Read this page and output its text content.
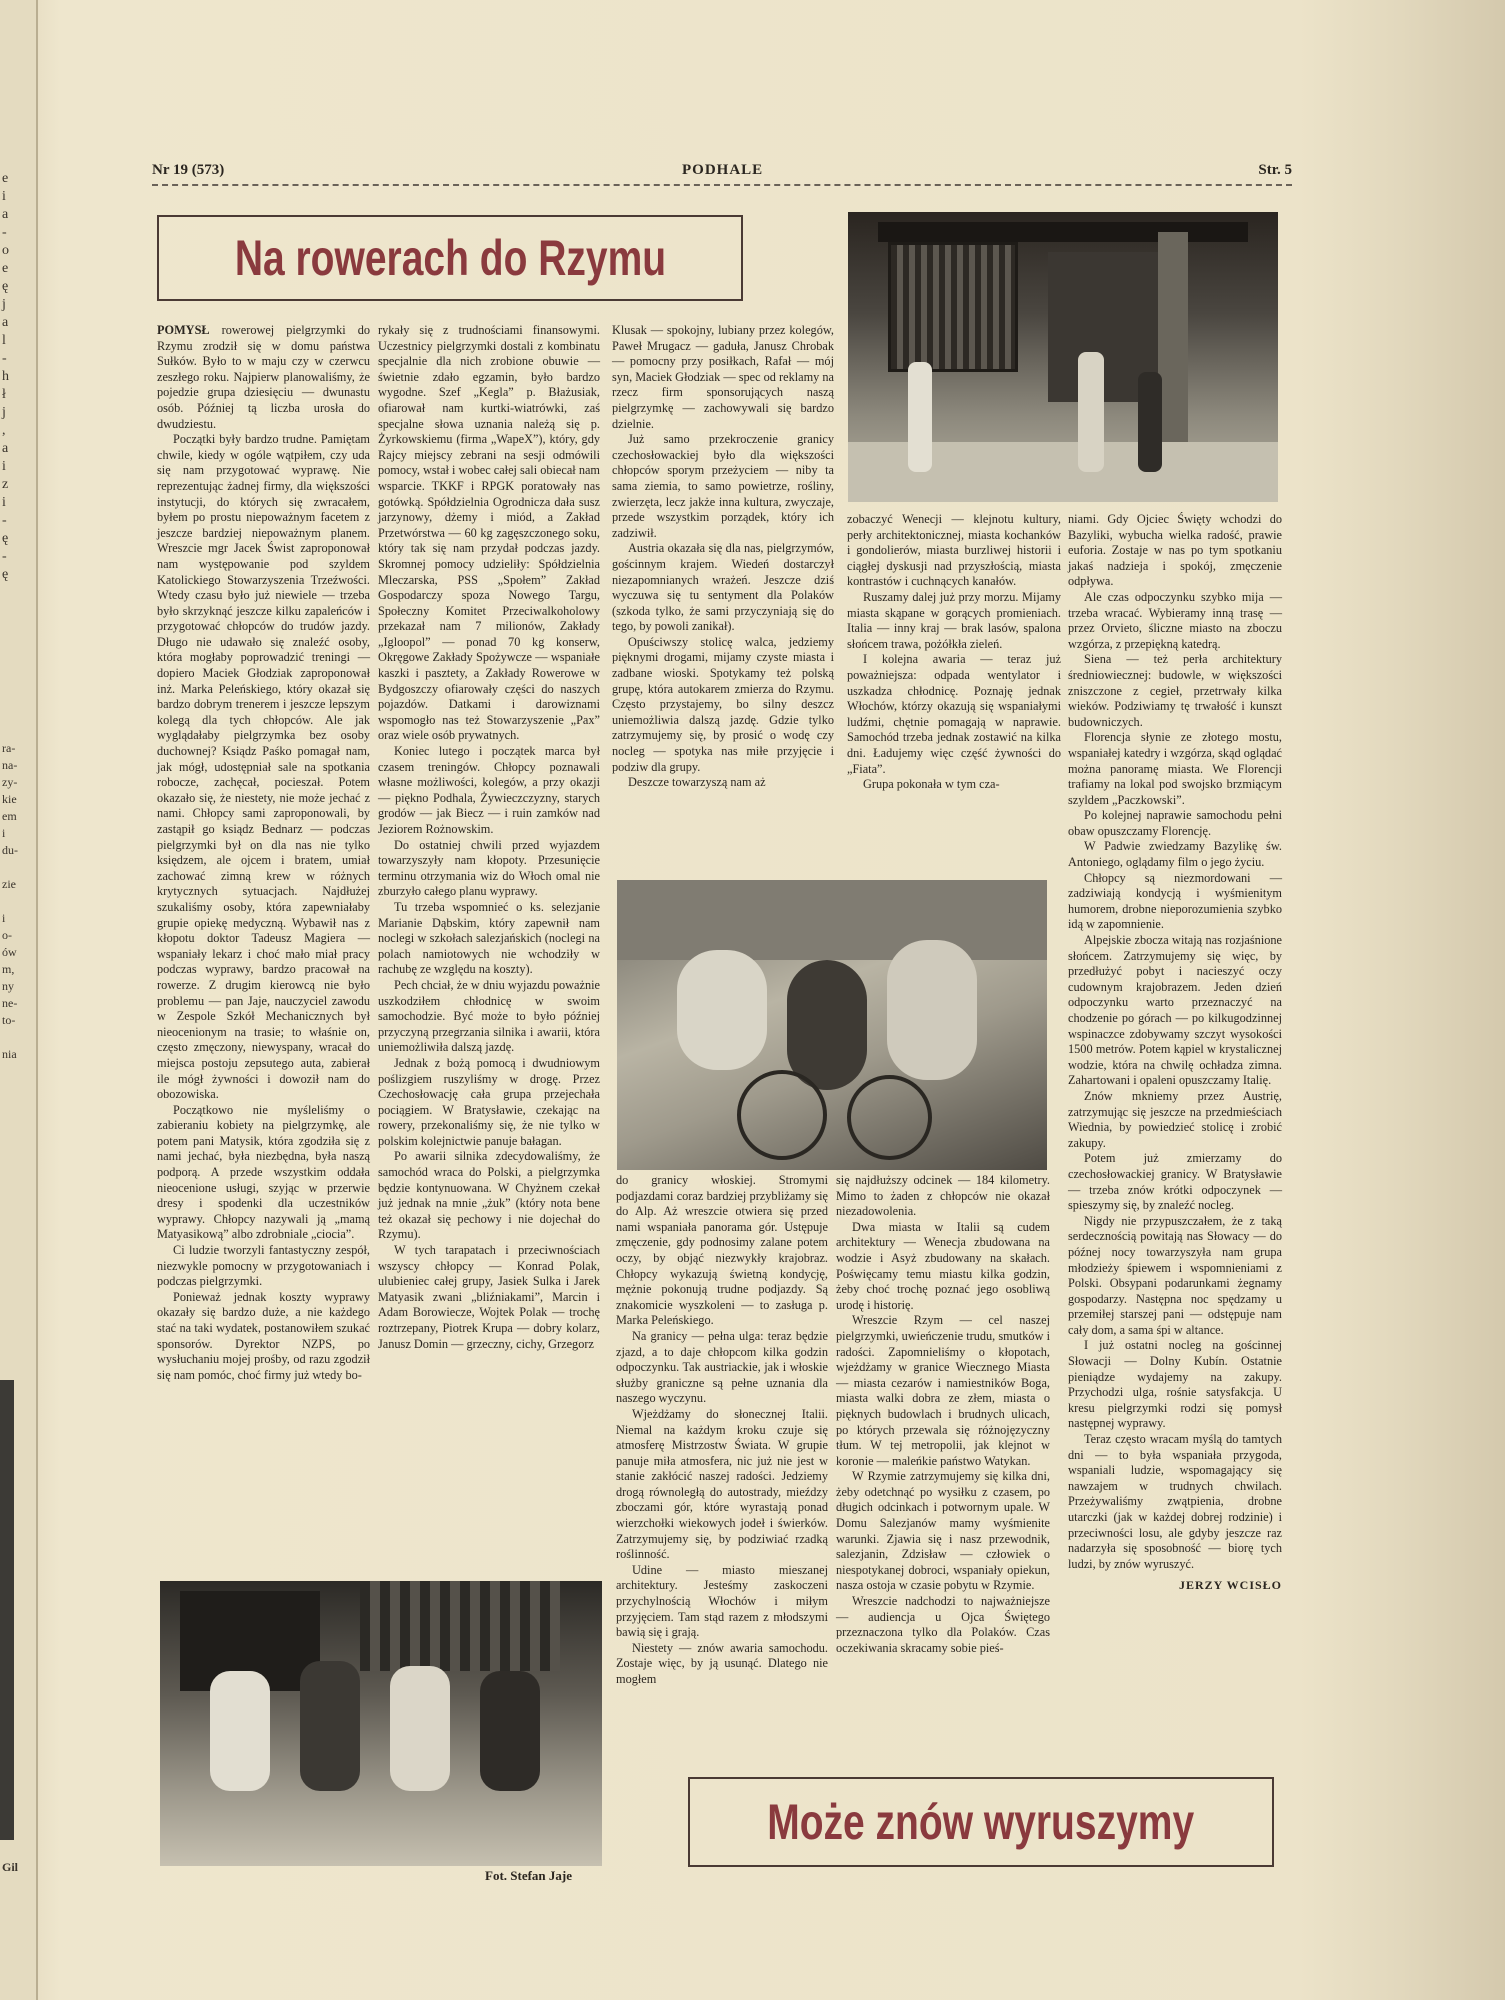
e
i
a
-
o
e
ę
j
a
l
-
h
ł
j
,
a
i
z
i
-
ę
-
ę
ra-
na-
zy-
kie
em
i
du-

zie

i
o-
ów
m,
ny
ne-
to-

nia
Gil
Nr 19 (573)	PODHALE	Str. 5
Na rowerach do Rzymu
Fot. Stefan Jaje

POMYSŁ rowerowej pielgrzymki do Rzymu zrodził się w domu państwa Sułków. Było to w maju czy w czerwcu zeszłego roku. Najpierw planowaliśmy, że pojedzie grupa dziesięciu — dwunastu osób. Później tą liczba urosła do dwudziestu.

Początki były bardzo trudne. Pamiętam chwile, kiedy w ogóle wątpiłem, czy uda się nam przygotować wyprawę. Nie reprezentując żadnej firmy, dla większości instytucji, do których się zwracałem, byłem po prostu niepoważnym facetem z jeszcze bardziej niepoważnym planem. Wreszcie mgr Jacek Świst zaproponował nam występowanie pod szyldem Katolickiego Stowarzyszenia Trzeźwości. Wtedy czasu było już niewiele — trzeba było skrzyknąć jeszcze kilku zapaleńców i przygotować chłopców do trudów jazdy. Długo nie udawało się znaleźć osoby, która mogłaby poprowadzić treningi — dopiero Maciek Głodziak zaproponował inż. Marka Peleńskiego, który okazał się bardzo dobrym trenerem i jeszcze lepszym kolegą dla tych chłopców. Ale jak wyglądałaby pielgrzymka bez osoby duchownej? Ksiądz Paśko pomagał nam, jak mógł, udostępniał sale na spotkania robocze, zachęcał, pocieszał. Potem okazało się, że niestety, nie może jechać z nami. Chłopcy sami zaproponowali, by zastąpił go ksiądz Bednarz — podczas pielgrzymki był on dla nas nie tylko księdzem, ale ojcem i bratem, umiał zachować zimną krew w różnych krytycznych sytuacjach. Najdłużej szukaliśmy osoby, która zapewniałaby grupie opiekę medyczną. Wybawił nas z kłopotu doktor Tadeusz Magiera — wspaniały lekarz i choć mało miał pracy podczas wyprawy, bardzo pracował na rowerze. Z drugim kierowcą nie było problemu — pan Jaje, nauczyciel zawodu w Zespole Szkół Mechanicznych był nieocenionym na trasie; to właśnie on, często zmęczony, niewyspany, wracał do miejsca postoju zepsutego auta, zabierał ile mógł żywności i dowoził nam do obozowiska.

Początkowo nie myśleliśmy o zabieraniu kobiety na pielgrzymkę, ale potem pani Matysik, która zgodziła się z nami jechać, była niezbędna, była naszą podporą. A przede wszystkim oddała nieocenione usługi, szyjąc w przerwie dresy i spodenki dla uczestników wyprawy. Chłopcy nazywali ją „mamą Matyasikową” albo zdrobniale „ciocia”.

Ci ludzie tworzyli fantastyczny zespół, niezwykle pomocny w przygotowaniach i podczas pielgrzymki.

Ponieważ jednak koszty wyprawy okazały się bardzo duże, a nie każdego stać na taki wydatek, postanowiłem szukać sponsorów. Dyrektor NZPS, po wysłuchaniu mojej prośby, od razu zgodził się nam pomóc, choć firmy już wtedy bo-

rykały się z trudnościami finansowymi. Uczestnicy pielgrzymki dostali z kombinatu specjalnie dla nich zrobione obuwie — świetnie zdało egzamin, było bardzo wygodne. Szef „Kegla” p. Błażusiak, ofiarował nam kurtki-wiatrówki, zaś specjalne słowa uznania należą się p. Żyrkowskiemu (firma „WapeX”), który, gdy Rajcy miejscy zebrani na sesji odmówili pomocy, wstał i wobec całej sali obiecał nam wsparcie. TKKF i RPGK poratowały nas gotówką. Spółdzielnia Ogrodnicza dała susz jarzynowy, dżemy i miód, a Zakład Przetwórstwa — 60 kg zagęszczonego soku, który tak się nam przydał podczas jazdy. Skromnej pomocy udzieliły: Spółdzielnia Mleczarska, PSS „Społem” Zakład Gospodarczy spoza Nowego Targu, Społeczny Komitet Przeciwalkoholowy przekazał nam 7 milionów, Zakłady „Igloopol” — ponad 70 kg konserw, Okręgowe Zakłady Spożywcze — wspaniałe kaszki i pasztety, a Zakłady Rowerowe w Bydgoszczy ofiarowały części do naszych pojazdów. Datkami i darowiznami wspomogło nas też Stowarzyszenie „Pax” oraz wiele osób prywatnych.

Koniec lutego i początek marca był czasem treningów. Chłopcy poznawali własne możliwości, kolegów, a przy okazji — piękno Podhala, Żywieczczyzny, starych grodów — jak Biecz — i ruin zamków nad Jeziorem Rożnowskim.

Do ostatniej chwili przed wyjazdem towarzyszyły nam kłopoty. Przesunięcie terminu otrzymania wiz do Włoch omal nie zburzyło całego planu wyprawy.

Tu trzeba wspomnieć o ks. selezjanie Marianie Dąbskim, który zapewnił nam noclegi w szkołach salezjańskich (noclegi na polach namiotowych nie wchodziły w rachubę ze względu na koszty).

Pech chciał, że w dniu wyjazdu poważnie uszkodziłem chłodnicę w swoim samochodzie. Być może to było później przyczyną przegrzania silnika i awarii, która uniemożliwiła dalszą jazdę.

Jednak z bożą pomocą i dwudniowym poślizgiem ruszyliśmy w drogę. Przez Czechosłowację cała grupa przejechała pociągiem. W Bratysławie, czekając na rowery, przekonaliśmy się, że nie tylko w polskim kolejnictwie panuje bałagan.

Po awarii silnika zdecydowaliśmy, że samochód wraca do Polski, a pielgrzymka będzie kontynuowana. W Chyżnem czekał już jednak na mnie „żuk” (który nota bene też okazał się pechowy i nie dojechał do Rzymu).

W tych tarapatach i przeciwnościach wszyscy chłopcy — Konrad Polak, ulubieniec całej grupy, Jasiek Sulka i Jarek Matyasik zwani „bliźniakami”, Marcin i Adam Borowiecze, Wojtek Polak — trochę roztrzepany, Piotrek Krupa — dobry kolarz, Janusz Domin — grzeczny, cichy, Grzegorz

Klusak — spokojny, lubiany przez kolegów, Paweł Mrugacz — gaduła, Janusz Chrobak — pomocny przy posiłkach, Rafał — mój syn, Maciek Głodziak — spec od reklamy na rzecz firm sponsorujących naszą pielgrzymkę — zachowywali się bardzo dzielnie.

Już samo przekroczenie granicy czechosłowackiej było dla większości chłopców sporym przeżyciem — niby ta sama ziemia, to samo powietrze, rośliny, zwierzęta, lecz jakże inna kultura, zwyczaje, przede wszystkim porządek, który ich zadziwił.

Austria okazała się dla nas, pielgrzymów, gościnnym krajem. Wiedeń dostarczył niezapomnianych wrażeń. Jeszcze dziś wyczuwa się tu sentyment dla Polaków (szkoda tylko, że sami przyczyniają się do tego, by powoli zanikał).

Opuściwszy stolicę walca, jedziemy pięknymi drogami, mijamy czyste miasta i zadbane wioski. Spotykamy też polską grupę, która autokarem zmierza do Rzymu. Często przystajemy, bo silny deszcz uniemożliwia dalszą jazdę. Gdzie tylko zatrzymujemy się, by prosić o wodę czy nocleg — spotyka nas miłe przyjęcie i podziw dla grupy.

Deszcze towarzyszą nam aż

do granicy włoskiej. Stromymi podjazdami coraz bardziej przybliżamy się do Alp. Aż wreszcie otwiera się przed nami wspaniała panorama gór. Ustępuje zmęczenie, gdy podnosimy zalane potem oczy, by objąć niezwykły krajobraz. Chłopcy wykazują świetną kondycję, mężnie pokonują trudne podjazdy. Są znakomicie wyszkoleni — to zasługa p. Marka Peleńskiego.

Na granicy — pełna ulga: teraz będzie zjazd, a to daje chłopcom kilka godzin odpoczynku. Tak austriackie, jak i włoskie służby graniczne są pełne uznania dla naszego wyczynu.

Wjeżdżamy do słonecznej Italii. Niemal na każdym kroku czuje się atmosferę Mistrzostw Świata. W grupie panuje miła atmosfera, nic już nie jest w stanie zakłócić naszej radości. Jedziemy drogą równoległą do autostrady, mieźdzy zboczami gór, które wyrastają ponad wierzchołki wiekowych jodeł i świerków. Zatrzymujemy się, by podziwiać rzadką roślinność.

Udine — miasto mieszanej architektury. Jesteśmy zaskoczeni przychylnością Włochów i miłym przyjęciem. Tam stąd razem z młodszymi bawią się i grają.

Niestety — znów awaria samochodu. Zostaje więc, by ją usunąć. Dlatego nie mogłem

się najdłuższy odcinek — 184 kilometry. Mimo to żaden z chłopców nie okazał niezadowolenia.

Dwa miasta w Italii są cudem architektury — Wenecja zbudowana na wodzie i Asyż zbudowany na skałach. Poświęcamy temu miastu kilka godzin, żeby choć trochę poznać jego osobliwą urodę i historię.

Wreszcie Rzym — cel naszej pielgrzymki, uwieńczenie trudu, smutków i radości. Zapomnieliśmy o kłopotach, wjeżdżamy w granice Wiecznego Miasta — miasta cezarów i namiestników Boga, miasta walki dobra ze złem, miasta o pięknych budowlach i brudnych ulicach, po których przewala się różnojęzyczny tłum. W tej metropolii, jak klejnot w koronie — maleńkie państwo Watykan.

W Rzymie zatrzymujemy się kilka dni, żeby odetchnąć po wysiłku z czasem, po długich odcinkach i potwornym upale. W Domu Salezjanów mamy wyśmienite warunki. Zjawia się i nasz przewodnik, salezjanin, Zdzisław — człowiek o niespotykanej dobroci, wspaniały opiekun, nasza ostoja w czasie pobytu w Rzymie.

Wreszcie nadchodzi to najważniejsze — audiencja u Ojca Świętego przeznaczona tylko dla Polaków. Czas oczekiwania skracamy sobie pieś-

zobaczyć Wenecji — klejnotu kultury, perły architektonicznej, miasta kochanków i gondolierów, miasta burzliwej historii i ciągłej dyskusji nad przyszłością, miasta kontrastów i cuchnących kanałów.

Ruszamy dalej już przy morzu. Mijamy miasta skąpane w gorących promieniach. Italia — inny kraj — brak lasów, spalona słońcem trawa, pożółkła zieleń.

I kolejna awaria — teraz już poważniejsza: odpada wentylator i uszkadza chłodnicę. Poznaję jednak Włochów, którzy okazują się wspaniałymi ludźmi, chętnie pomagają w naprawie. Samochód trzeba jednak zostawić na kilka dni. Ładujemy więc część żywności do „Fiata”.

Grupa pokonała w tym cza-

niami. Gdy Ojciec Święty wchodzi do Bazyliki, wybucha wielka radość, prawie euforia. Zostaje w nas po tym spotkaniu jakaś nadzieja i spokój, zmęczenie odpływa.

Ale czas odpoczynku szybko mija — trzeba wracać. Wybieramy inną trasę — przez Orvieto, śliczne miasto na zboczu wzgórza, z przepiękną katedrą.

Siena — też perła architektury średniowiecznej: budowle, w większości zniszczone z cegieł, przetrwały kilka wieków. Podziwiamy tę trwałość i kunszt budowniczych.

Florencja słynie ze złotego mostu, wspaniałej katedry i wzgórza, skąd oglądać można panoramę miasta. We Florencji trafiamy na lokal pod swojsko brzmiącym szyldem „Paczkowski”.

Po kolejnej naprawie samochodu pełni obaw opuszczamy Florencję.

W Padwie zwiedzamy Bazylikę św. Antoniego, oglądamy film o jego życiu.

Chłopcy są niezmordowani — zadziwiają kondycją i wyśmienitym humorem, drobne nieporozumienia szybko idą w zapomnienie.

Alpejskie zbocza witają nas rozjaśnione słońcem. Zatrzymujemy się więc, by przedłużyć pobyt i nacieszyć oczy cudownym krajobrazem. Jeden dzień odpoczynku warto przeznaczyć na chodzenie po górach — po kilkugodzinnej wspinaczce zdobywamy szczyt wysokości 1500 metrów. Potem kąpiel w krystalicznej wodzie, która na chwilę ochładza zimna. Zahartowani i opaleni opuszczamy Italię.

Znów mkniemy przez Austrię, zatrzymując się jeszcze na przedmieściach Wiednia, by powiedzieć stolicę i zrobić zakupy.

Potem już zmierzamy do czechosłowackiej granicy. W Bratysławie — trzeba znów krótki odpoczynek — spieszymy się, by znaleźć nocleg.

Nigdy nie przypuszczałem, że z taką serdecznością powitają nas Słowacy — do późnej nocy towarzyszyła nam grupa młodzieży śpiewem i wspomnieniami z Polski. Obsypani podarunkami żegnamy gospodarzy. Następna noc spędzamy u przemiłej starszej pani — odstępuje nam cały dom, a sama śpi w altance.

I już ostatni nocleg na gościnnej Słowacji — Dolny Kubín. Ostatnie pieniądze wydajemy na zakupy. Przychodzi ulga, rośnie satysfakcja. U kresu pielgrzymki rodzi się pomysł następnej wyprawy.

Teraz często wracam myślą do tamtych dni — to była wspaniała przygoda, wspaniali ludzie, wspomagający się nawzajem w trudnych chwilach. Przeżywaliśmy zwątpienia, drobne utarczki (jak w każdej dobrej rodzinie) i przeciwności losu, ale gdyby jeszcze raz nadarzyła się sposobność — biorę tych ludzi, by znów wyruszyć.

JERZY WCISŁO
Może znów wyruszymy
